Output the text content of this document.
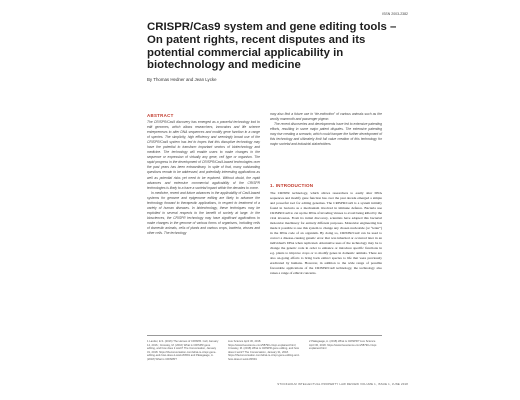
ISSN 2003-2382
CRISPR/Cas9 system and gene editing tools – On patent rights, recent disputes and its potential commercial applicability in biotechnology and medicine
By Thomas Hedner and Jean Lycke
ABSTRACT

The CRISPR/Cas9 discovery has emerged as a powerful technology tool to edit genomes, which allows researchers, innovators and life science entrepreneurs to alter DNA sequences and modify gene function in a range of species. The simplicity, high efficiency and seemingly broad use of the CRISPR/Cas9 system has led to hopes that this disruptive technology may have the potential to transform important sectors of biotechnology and medicine. The technology will enable users to make changes in the sequence or expression of virtually any gene, cell type or organism. The rapid progress in the development of CRISPR/Cas9-based technologies over the past years has been extraordinary. In spite of that, many outstanding questions remain to be addressed, and potentially interesting applications as well as potential risks yet need to be explored. Without doubt, the rapid advances and extensive commercial applicability of the CRISPR technologies is likely to a have a societal impact within the decades to come.

In medicine, recent and future advances in the applicability of Cas9-based systems for genome and epigenome editing are likely to advance the technology forward to therapeutic applications, in respect to treatment of a variety of human diseases. In biotechnology, these techniques may be exploited in several respects to the benefit of society at large. In the biosciences, the CRISPR technology may have significant applications to make changes in the genome of various forms of organisms, including cells of domestic animals, cells of plants and various crops, bacteria, viruses and other cells. The technology

may also find a future use in “de-extinction” of various animals such as the woolly mammoth and passenger pigeon.

The recent discoveries and developments have led to extensive patenting efforts, resulting in some major patent disputes. The extensive patenting may rise creating a scenario, which could hamper the further development of this technology and ultimately limit full value creation of this technology for major societal and industrial stakeholders.

1. INTRODUCTION

The CRISPR technology, which allows researchers to easily alter DNA sequences and modify gene function has over the past decade emerged a simple and powerful tool for editing genomes. The CRISPR/Cas9 is a system initially found in bacteria as a mechanism involved in immune defence. Bacteria use CRISPR/Cas9 to cut up the DNA of invading viruses to avoid being killed by the viral invasion. From its initial discovery, scientists have adapted this bacterial molecular machinery for entirely different purposes. Molecular engineering has made it possible to use this system to change any chosen nucleotide (or “letter”) in the DNA code of an organism. By doing so, CRISPR/Cas9 can be used to correct a disease-causing genetic error that was inherited or occurred later in an individual's DNA when replicated. Alternative uses of the technology may be to change the genetic code in order to enhance or introduce specific functions in e.g. plants to improve crops or to modify genes in domestic animals. There are also on-going efforts to bring back extinct species to life that were previously eradicated by humans. However, in addition to the wide range of possible favourable applications of the CRISPR/Cas9 technology, the technology also raises a range of ethical concerns.

1 Lander, E.S. (2016) The Heroes of CRISPR. Cell, January 14, 2016.; Crossley, M. (2016) What is CRISPR gene editing, and how does it work? The Conversation, January 31, 2018. https://theconversation.com/what-is-crispr-gene-editing-and-how-does-it-work-84591 and Pääsgaage, A. (2018) What is CRISPR?
Live Science April 30, 2018. https://www.livescience.com/58790-crispr-explained.html; Crossley, M. (2018) What is CRISPR gene editing, and how does it work? The Conversation, January 31, 2018. https://theconversation.com/what-is-crispr-gene-editing-and-how-does-it-work-84591
2 Pääsgaage, A. (2018) What is CRISPR? Live Science April 30, 2018. https://www.livescience.com/58790-crispr-explained.html
STOCKHOLM INTELLECTUAL PROPERTY LAW REVIEW VOLUME 1, ISSUE 1, JUNE 2018
